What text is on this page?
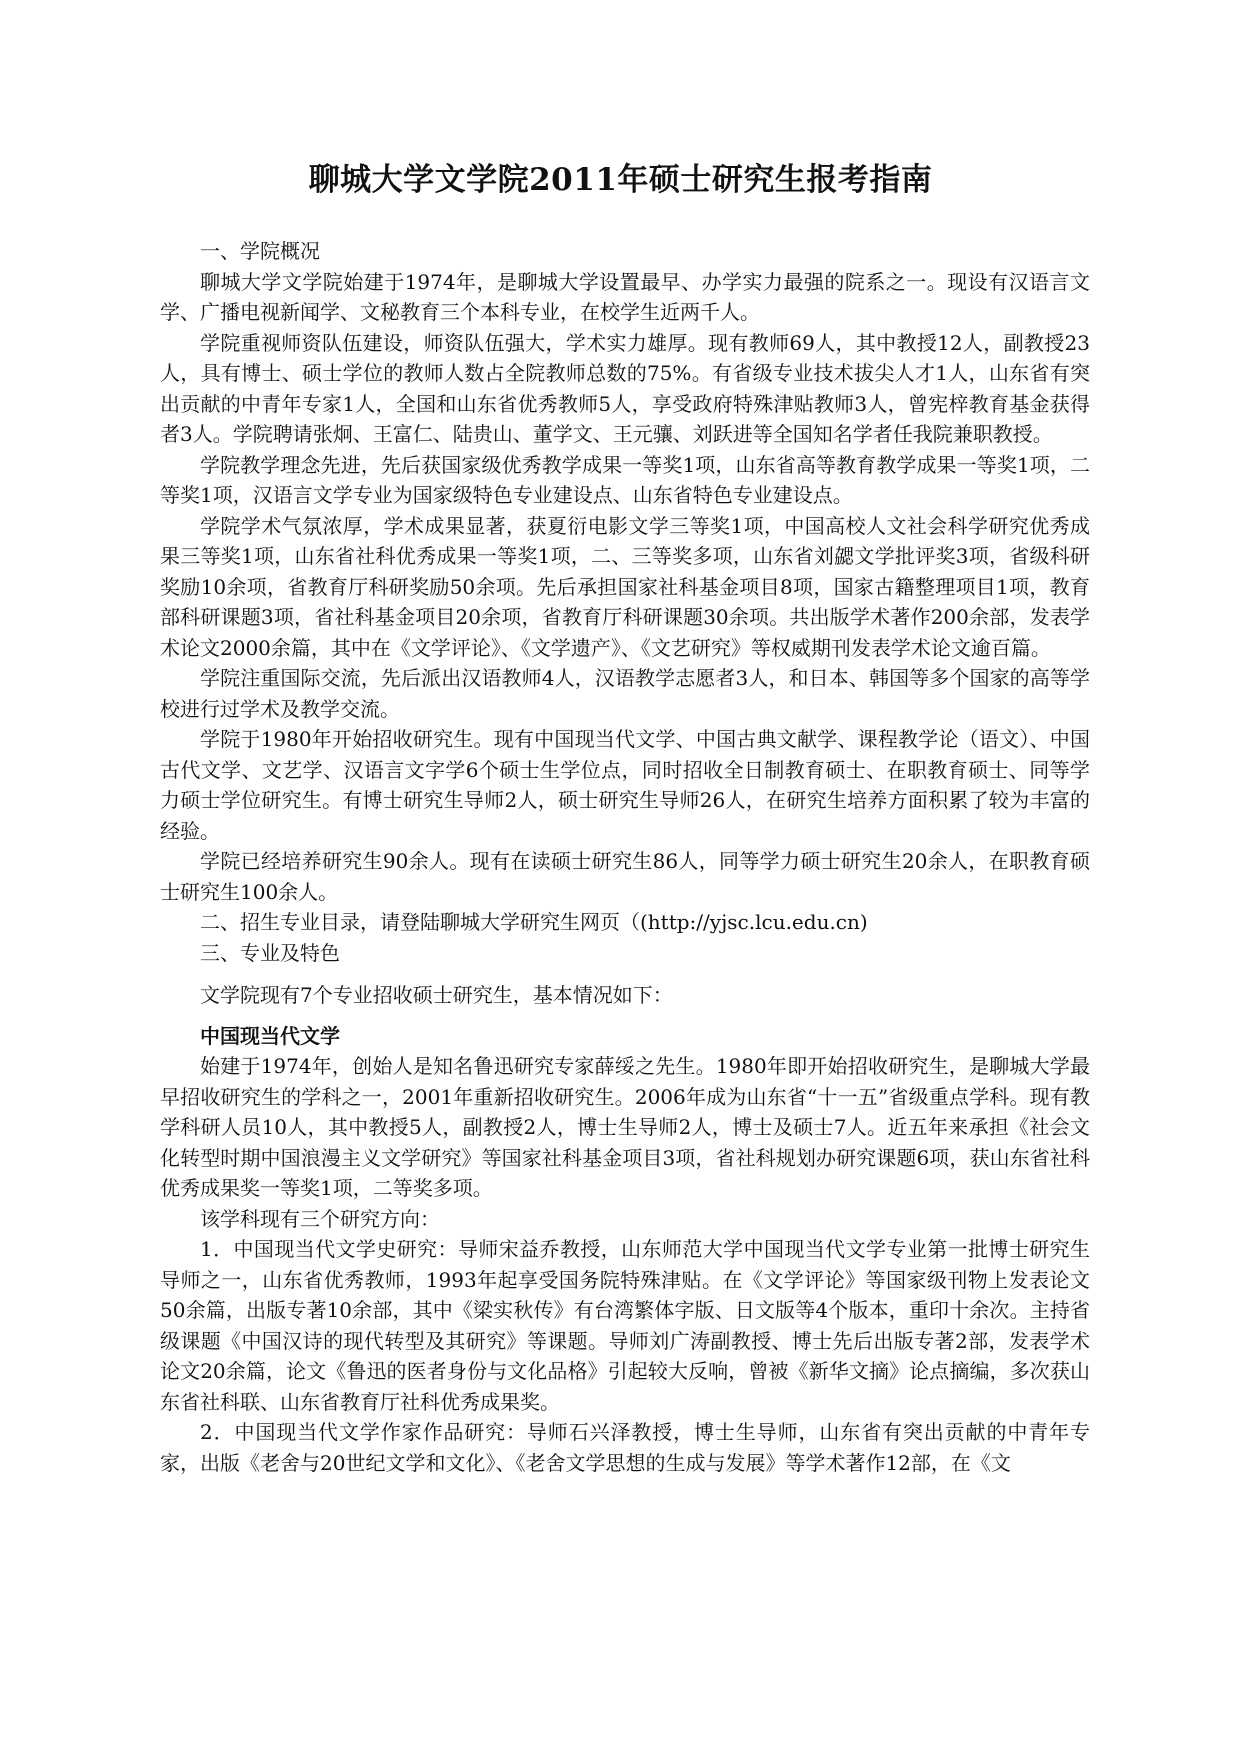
聊城大学文学院2011年硕士研究生报考指南

一、学院概况

聊城大学文学院始建于1974年，是聊城大学设置最早、办学实力最强的院系之一。现设有汉语言文学、广播电视新闻学、文秘教育三个本科专业，在校学生近两千人。

学院重视师资队伍建设，师资队伍强大，学术实力雄厚。现有教师69人，其中教授12人，副教授23人，具有博士、硕士学位的教师人数占全院教师总数的75%。有省级专业技术拔尖人才1人，山东省有突出贡献的中青年专家1人，全国和山东省优秀教师5人，享受政府特殊津贴教师3人，曾宪梓教育基金获得者3人。学院聘请张炯、王富仁、陆贵山、董学文、王元骧、刘跃进等全国知名学者任我院兼职教授。

学院教学理念先进，先后获国家级优秀教学成果一等奖1项，山东省高等教育教学成果一等奖1项，二等奖1项，汉语言文学专业为国家级特色专业建设点、山东省特色专业建设点。

学院学术气氛浓厚，学术成果显著，获夏衍电影文学三等奖1项，中国高校人文社会科学研究优秀成果三等奖1项，山东省社科优秀成果一等奖1项，二、三等奖多项，山东省刘勰文学批评奖3项，省级科研奖励10余项，省教育厅科研奖励50余项。先后承担国家社科基金项目8项，国家古籍整理项目1项，教育部科研课题3项，省社科基金项目20余项，省教育厅科研课题30余项。共出版学术著作200余部，发表学术论文2000余篇，其中在《文学评论》、《文学遗产》、《文艺研究》等权威期刊发表学术论文逾百篇。

学院注重国际交流，先后派出汉语教师4人，汉语教学志愿者3人，和日本、韩国等多个国家的高等学校进行过学术及教学交流。

学院于1980年开始招收研究生。现有中国现当代文学、中国古典文献学、课程教学论（语文）、中国古代文学、文艺学、汉语言文字学6个硕士生学位点，同时招收全日制教育硕士、在职教育硕士、同等学力硕士学位研究生。有博士研究生导师2人，硕士研究生导师26人，在研究生培养方面积累了较为丰富的经验。

学院已经培养研究生90余人。现有在读硕士研究生86人，同等学力硕士研究生20余人，在职教育硕士研究生100余人。

二、招生专业目录，请登陆聊城大学研究生网页（(http://yjsc.lcu.edu.cn)

三、专业及特色

文学院现有7个专业招收硕士研究生，基本情况如下：

中国现当代文学

始建于1974年，创始人是知名鲁迅研究专家薛绥之先生。1980年即开始招收研究生，是聊城大学最早招收研究生的学科之一，2001年重新招收研究生。2006年成为山东省“十一五”省级重点学科。现有教学科研人员10人，其中教授5人，副教授2人，博士生导师2人，博士及硕士7人。近五年来承担《社会文化转型时期中国浪漫主义文学研究》等国家社科基金项目3项，省社科规划办研究课题6项，获山东省社科优秀成果奖一等奖1项，二等奖多项。

该学科现有三个研究方向：

1．中国现当代文学史研究：导师宋益乔教授，山东师范大学中国现当代文学专业第一批博士研究生导师之一，山东省优秀教师，1993年起享受国务院特殊津贴。在《文学评论》等国家级刊物上发表论文50余篇，出版专著10余部，其中《梁实秋传》有台湾繁体字版、日文版等4个版本，重印十余次。主持省级课题《中国汉诗的现代转型及其研究》等课题。导师刘广涛副教授、博士先后出版专著2部，发表学术论文20余篇，论文《鲁迅的医者身份与文化品格》引起较大反响，曾被《新华文摘》论点摘编，多次获山东省社科联、山东省教育厅社科优秀成果奖。

2．中国现当代文学作家作品研究：导师石兴泽教授，博士生导师，山东省有突出贡献的中青年专家，出版《老舍与20世纪文学和文化》、《老舍文学思想的生成与发展》等学术著作12部，在《文
